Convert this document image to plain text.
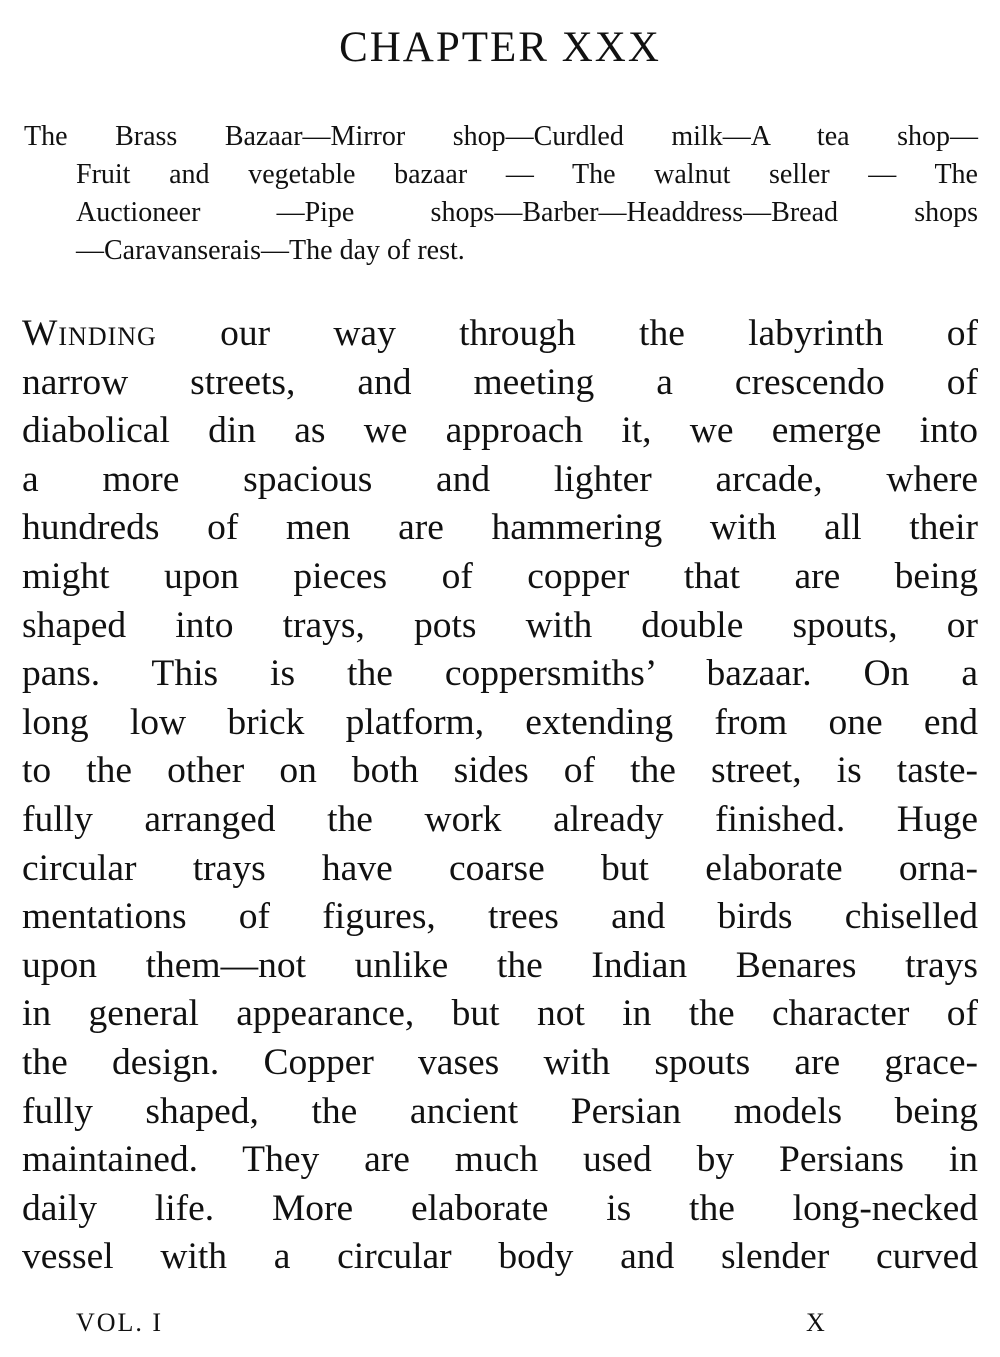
CHAPTER XXX
The Brass Bazaar—Mirror shop—Curdled milk—A tea shop—
Fruit and vegetable bazaar — The walnut seller — The
Auctioneer —Pipe shops—Barber—Headdress—Bread shops
—Caravanserais—The day of rest.
Winding our way through the labyrinth of
narrow streets, and meeting a crescendo of
diabolical din as we approach it, we emerge into
a more spacious and lighter arcade, where
hundreds of men are hammering with all their
might upon pieces of copper that are being
shaped into trays, pots with double spouts, or
pans. This is the coppersmiths’ bazaar. On a
long low brick platform, extending from one end
to the other on both sides of the street, is taste-
fully arranged the work already finished. Huge
circular trays have coarse but elaborate orna-
mentations of figures, trees and birds chiselled
upon them—not unlike the Indian Benares trays
in general appearance, but not in the character of
the design. Copper vases with spouts are grace-
fully shaped, the ancient Persian models being
maintained. They are much used by Persians in
daily life. More elaborate is the long-necked
vessel with a circular body and slender curved
VOL. I	X
